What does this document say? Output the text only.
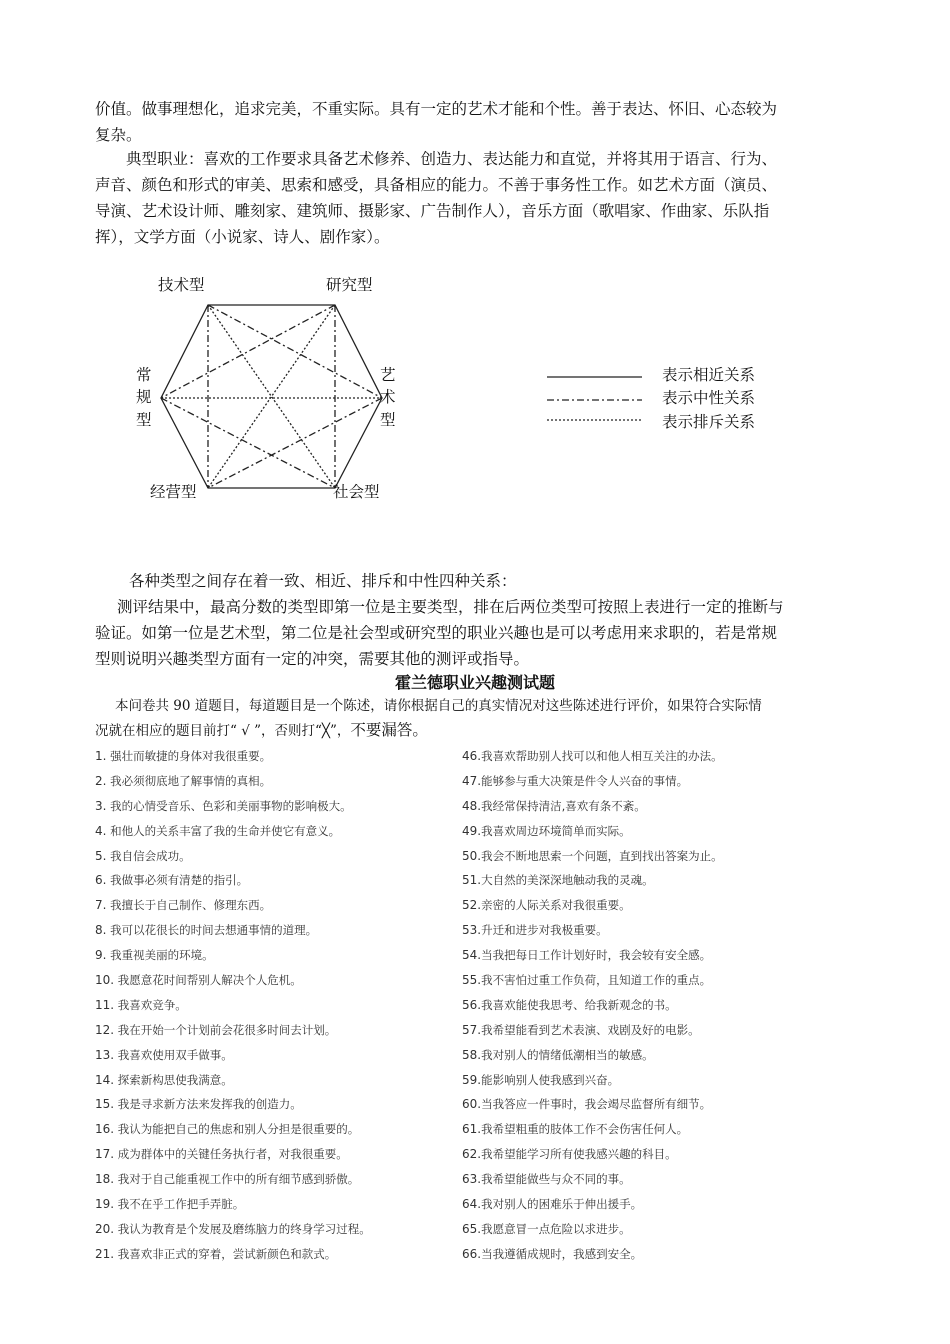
价值。做事理想化，追求完美，不重实际。具有一定的艺术才能和个性。善于表达、怀旧、心态较为复杂。

典型职业：喜欢的工作要求具备艺术修养、创造力、表达能力和直觉，并将其用于语言、行为、声音、颜色和形式的审美、思索和感受，具备相应的能力。不善于事务性工作。如艺术方面（演员、导演、艺术设计师、雕刻家、建筑师、摄影家、广告制作人），音乐方面（歌唱家、作曲家、乐队指挥），文学方面（小说家、诗人、剧作家）。

技术型	研究型
艺
术
型
社会型
经营型
常
规
型
表示相近关系
表示中性关系
表示排斥关系

各种类型之间存在着一致、相近、排斥和中性四种关系：

测评结果中，最高分数的类型即第一位是主要类型，排在后两位类型可按照上表进行一定的推断与验证。如第一位是艺术型，第二位是社会型或研究型的职业兴趣也是可以考虑用来求职的，若是常规型则说明兴趣类型方面有一定的冲突，需要其他的测评或指导。

霍兰德职业兴趣测试题

本问卷共 90 道题目，每道题目是一个陈述，请你根据自己的真实情况对这些陈述进行评价，如果符合实际情况就在相应的题目前打“ √ ”，否则打“╳”，不要漏答。

1. 强壮而敏捷的身体对我很重要。
2. 我必须彻底地了解事情的真相。
3. 我的心情受音乐、色彩和美丽事物的影响极大。
4. 和他人的关系丰富了我的生命并使它有意义。
5. 我自信会成功。
6. 我做事必须有清楚的指引。
7. 我擅长于自己制作、修理东西。
8. 我可以花很长的时间去想通事情的道理。
9. 我重视美丽的环境。
10. 我愿意花时间帮别人解决个人危机。
11. 我喜欢竞争。
12. 我在开始一个计划前会花很多时间去计划。
13. 我喜欢使用双手做事。
14. 探索新构思使我满意。
15. 我是寻求新方法来发挥我的创造力。
16. 我认为能把自己的焦虑和别人分担是很重要的。
17. 成为群体中的关键任务执行者，对我很重要。
18. 我对于自己能重视工作中的所有细节感到骄傲。
19. 我不在乎工作把手弄脏。
20. 我认为教育是个发展及磨练脑力的终身学习过程。
21. 我喜欢非正式的穿着，尝试新颜色和款式。
46.我喜欢帮助别人找可以和他人相互关注的办法。
47.能够参与重大决策是件令人兴奋的事情。
48.我经常保持清洁,喜欢有条不紊。
49.我喜欢周边环境简单而实际。
50.我会不断地思索一个问题，直到找出答案为止。
51.大自然的美深深地触动我的灵魂。
52.亲密的人际关系对我很重要。
53.升迁和进步对我极重要。
54.当我把每日工作计划好时，我会较有安全感。
55.我不害怕过重工作负荷，且知道工作的重点。
56.我喜欢能使我思考、给我新观念的书。
57.我希望能看到艺术表演、戏剧及好的电影。
58.我对别人的情绪低潮相当的敏感。
59.能影响别人使我感到兴奋。
60.当我答应一件事时，我会竭尽监督所有细节。
61.我希望粗重的肢体工作不会伤害任何人。
62.我希望能学习所有使我感兴趣的科目。
63.我希望能做些与众不同的事。
64.我对别人的困难乐于伸出援手。
65.我愿意冒一点危险以求进步。
66.当我遵循成规时，我感到安全。
